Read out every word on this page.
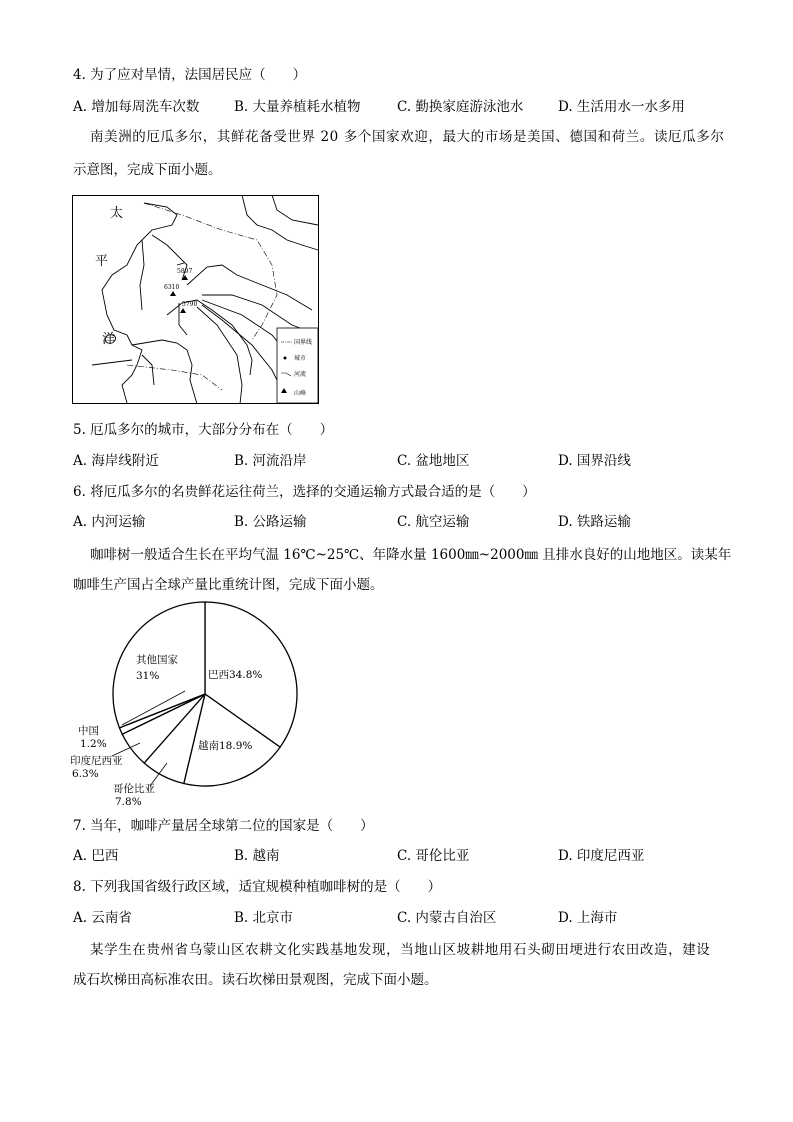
4. 为了应对旱情，法国居民应（　　）
A. 增加每周洗车次数	B. 大量养植耗水植物	C. 勤换家庭游泳池水	D. 生活用水一水多用
南美洲的厄瓜多尔，其鲜花备受世界 20 多个国家欢迎，最大的市场是美国、德国和荷兰。读厄瓜多尔
示意图，完成下面小题。
太
平
洋
5897
6310
5790
国界线
城市
河流
山峰
5. 厄瓜多尔的城市，大部分分布在（　　）
A. 海岸线附近	B. 河流沿岸	C. 盆地地区	D. 国界沿线
6. 将厄瓜多尔的名贵鲜花运往荷兰，选择的交通运输方式最合适的是（　　）
A. 内河运输	B. 公路运输	C. 航空运输	D. 铁路运输
咖啡树一般适合生长在平均气温 16℃~25℃、年降水量 1600㎜~2000㎜ 且排水良好的山地地区。读某年
咖啡生产国占全球产量比重统计图，完成下面小题。
巴西34.8%
越南18.9%
其他国家
31%
中国
1.2%
印度尼西亚
6.3%
哥伦比亚
7.8%
7. 当年，咖啡产量居全球第二位的国家是（　　）
A. 巴西	B. 越南	C. 哥伦比亚	D. 印度尼西亚
8. 下列我国省级行政区域，适宜规模种植咖啡树的是（　　）
A. 云南省	B. 北京市	C. 内蒙古自治区	D. 上海市
某学生在贵州省乌蒙山区农耕文化实践基地发现，当地山区坡耕地用石头砌田埂进行农田改造，建设
成石坎梯田高标准农田。读石坎梯田景观图，完成下面小题。
